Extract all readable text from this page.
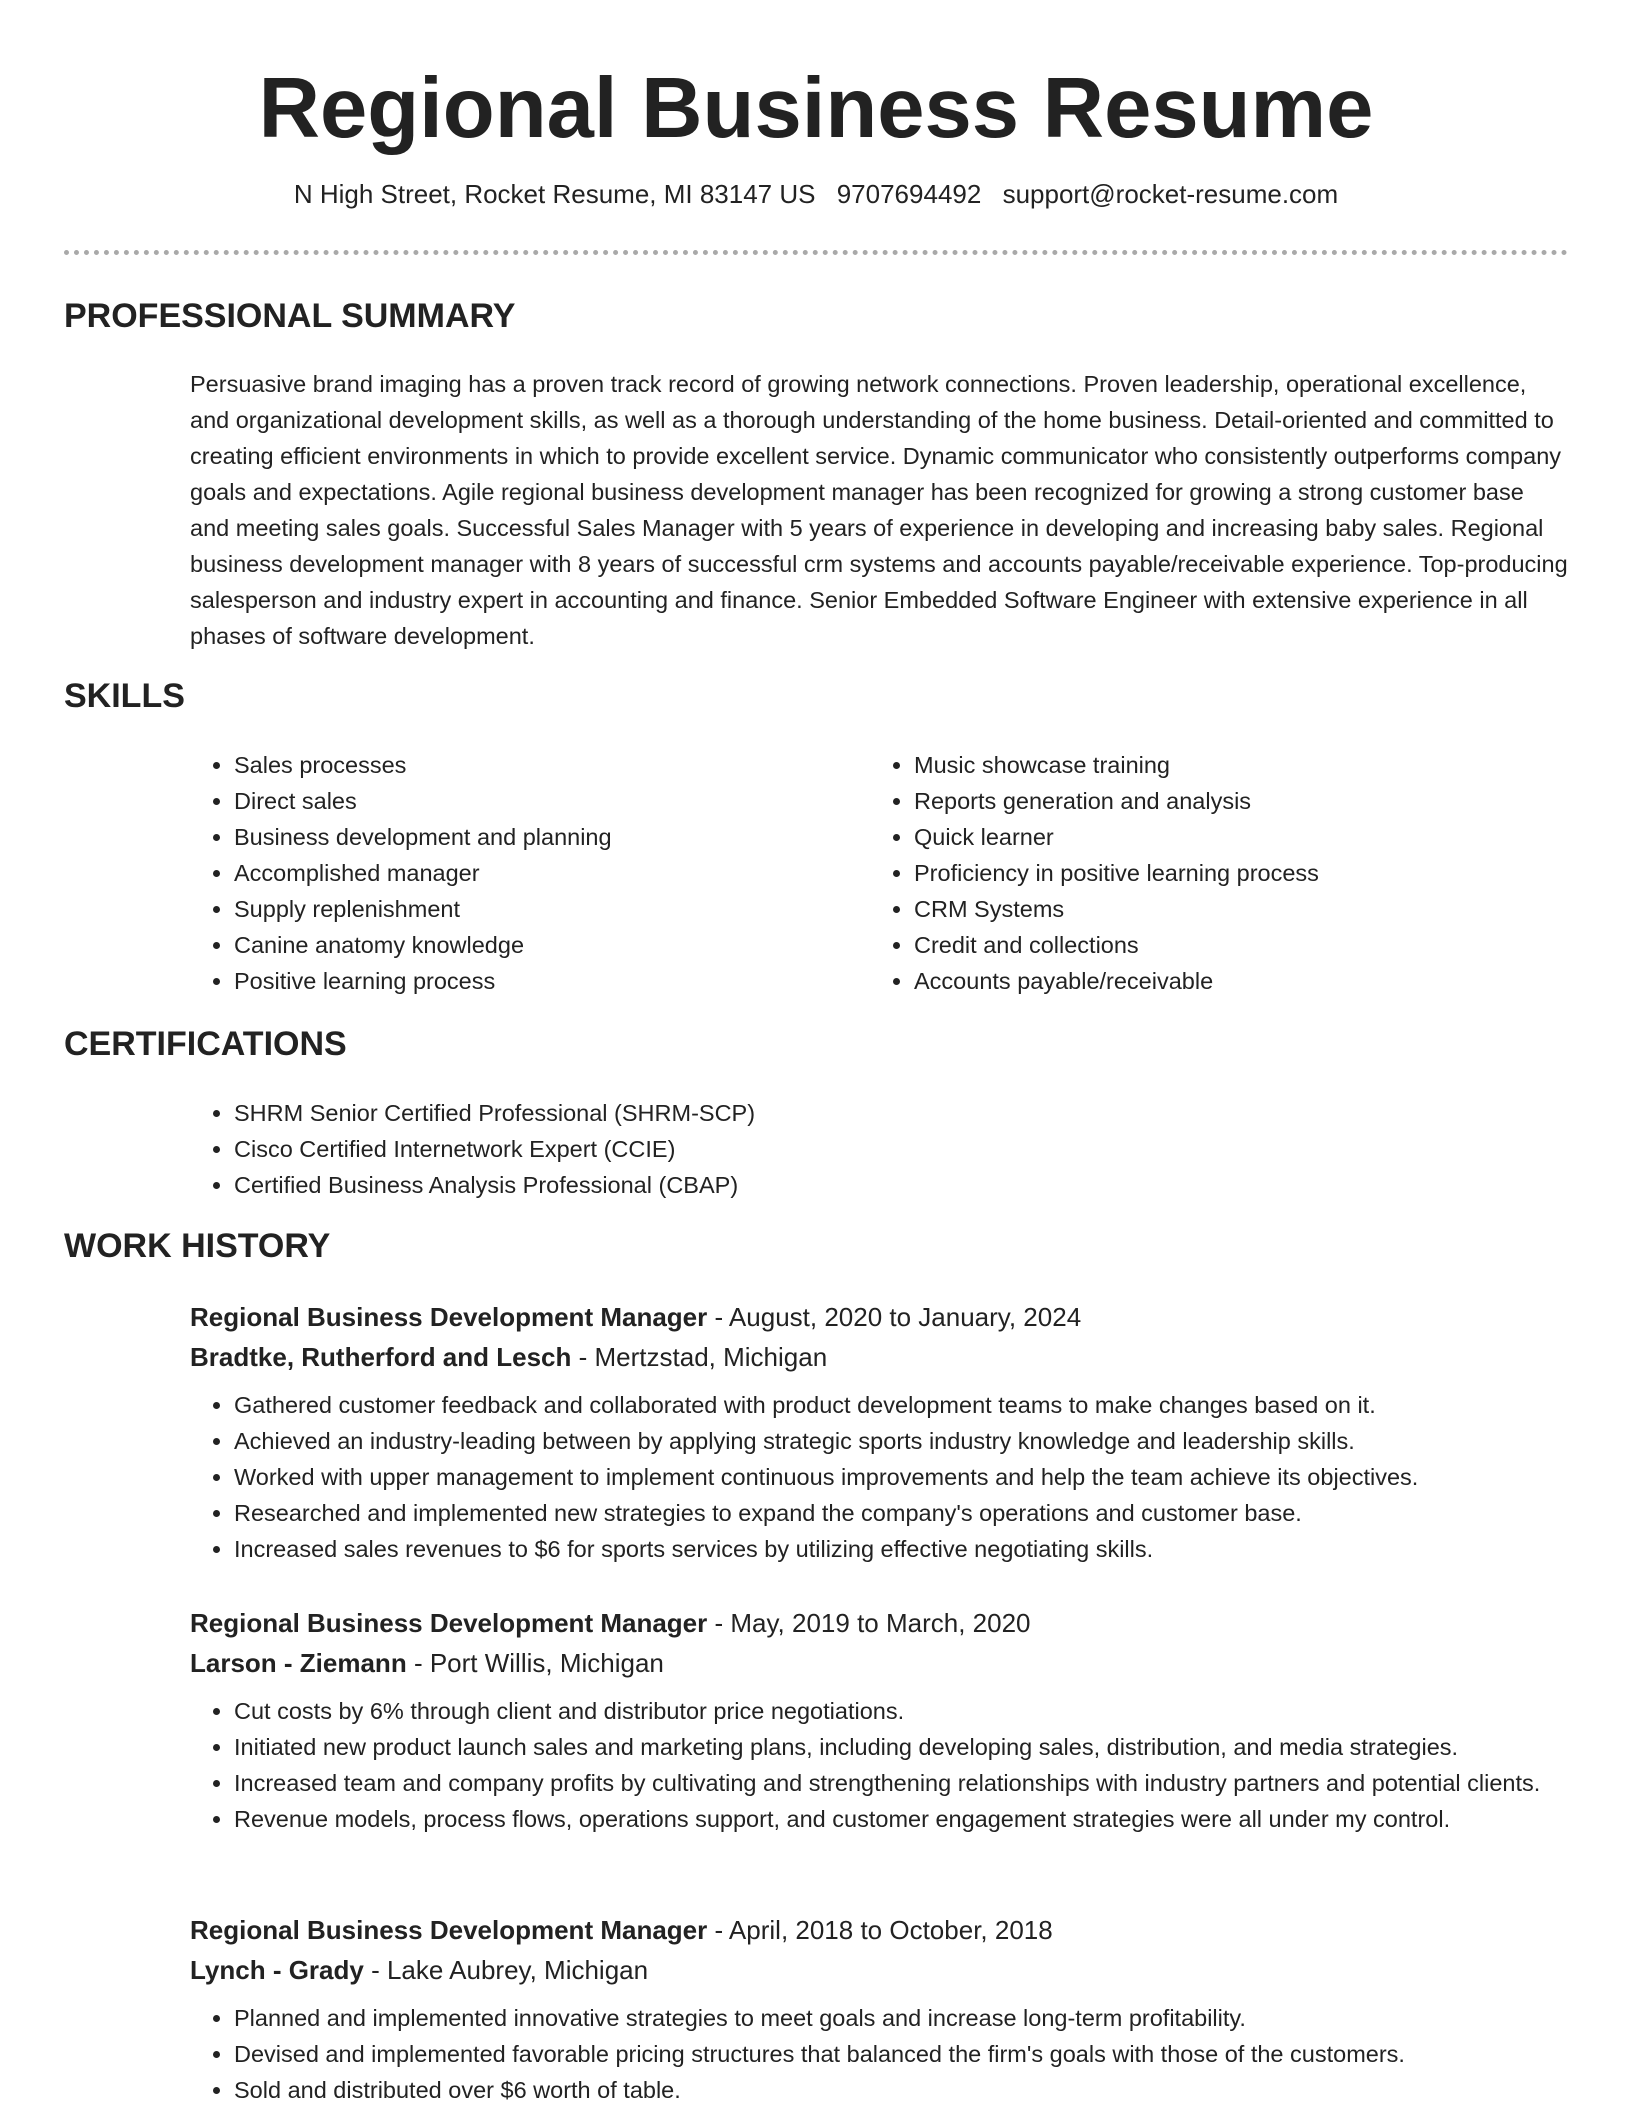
Regional Business Resume
N High Street, Rocket Resume, MI 83147 US 9707694492 support@rocket-resume.com
PROFESSIONAL SUMMARY

Persuasive brand imaging has a proven track record of growing network connections. Proven leadership, operational excellence, and organizational development skills, as well as a thorough understanding of the home business. Detail-oriented and committed to creating efficient environments in which to provide excellent service. Dynamic communicator who consistently outperforms company goals and expectations. Agile regional business development manager has been recognized for growing a strong customer base and meeting sales goals. Successful Sales Manager with 5 years of experience in developing and increasing baby sales. Regional business development manager with 8 years of successful crm systems and accounts payable/receivable experience. Top-producing salesperson and industry expert in accounting and finance. Senior Embedded Software Engineer with extensive experience in all phases of software development.

SKILLS
• Sales processes
• Direct sales
• Business development and planning
• Accomplished manager
• Supply replenishment
• Canine anatomy knowledge
• Positive learning process
• Music showcase training
• Reports generation and analysis
• Quick learner
• Proficiency in positive learning process
• CRM Systems
• Credit and collections
• Accounts payable/receivable
CERTIFICATIONS
• SHRM Senior Certified Professional (SHRM-SCP)
• Cisco Certified Internetwork Expert (CCIE)
• Certified Business Analysis Professional (CBAP)
WORK HISTORY

Regional Business Development Manager - August, 2020 to January, 2024

Bradtke, Rutherford and Lesch - Mertzstad, Michigan

• Gathered customer feedback and collaborated with product development teams to make changes based on it.
• Achieved an industry-leading between by applying strategic sports industry knowledge and leadership skills.
• Worked with upper management to implement continuous improvements and help the team achieve its objectives.
• Researched and implemented new strategies to expand the company's operations and customer base.
• Increased sales revenues to $6 for sports services by utilizing effective negotiating skills.

Regional Business Development Manager - May, 2019 to March, 2020

Larson - Ziemann - Port Willis, Michigan

• Cut costs by 6% through client and distributor price negotiations.
• Initiated new product launch sales and marketing plans, including developing sales, distribution, and media strategies.
• Increased team and company profits by cultivating and strengthening relationships with industry partners and potential clients.
• Revenue models, process flows, operations support, and customer engagement strategies were all under my control.

Regional Business Development Manager - April, 2018 to October, 2018

Lynch - Grady - Lake Aubrey, Michigan

• Planned and implemented innovative strategies to meet goals and increase long-term profitability.
• Devised and implemented favorable pricing structures that balanced the firm's goals with those of the customers.
• Sold and distributed over $6 worth of table.
